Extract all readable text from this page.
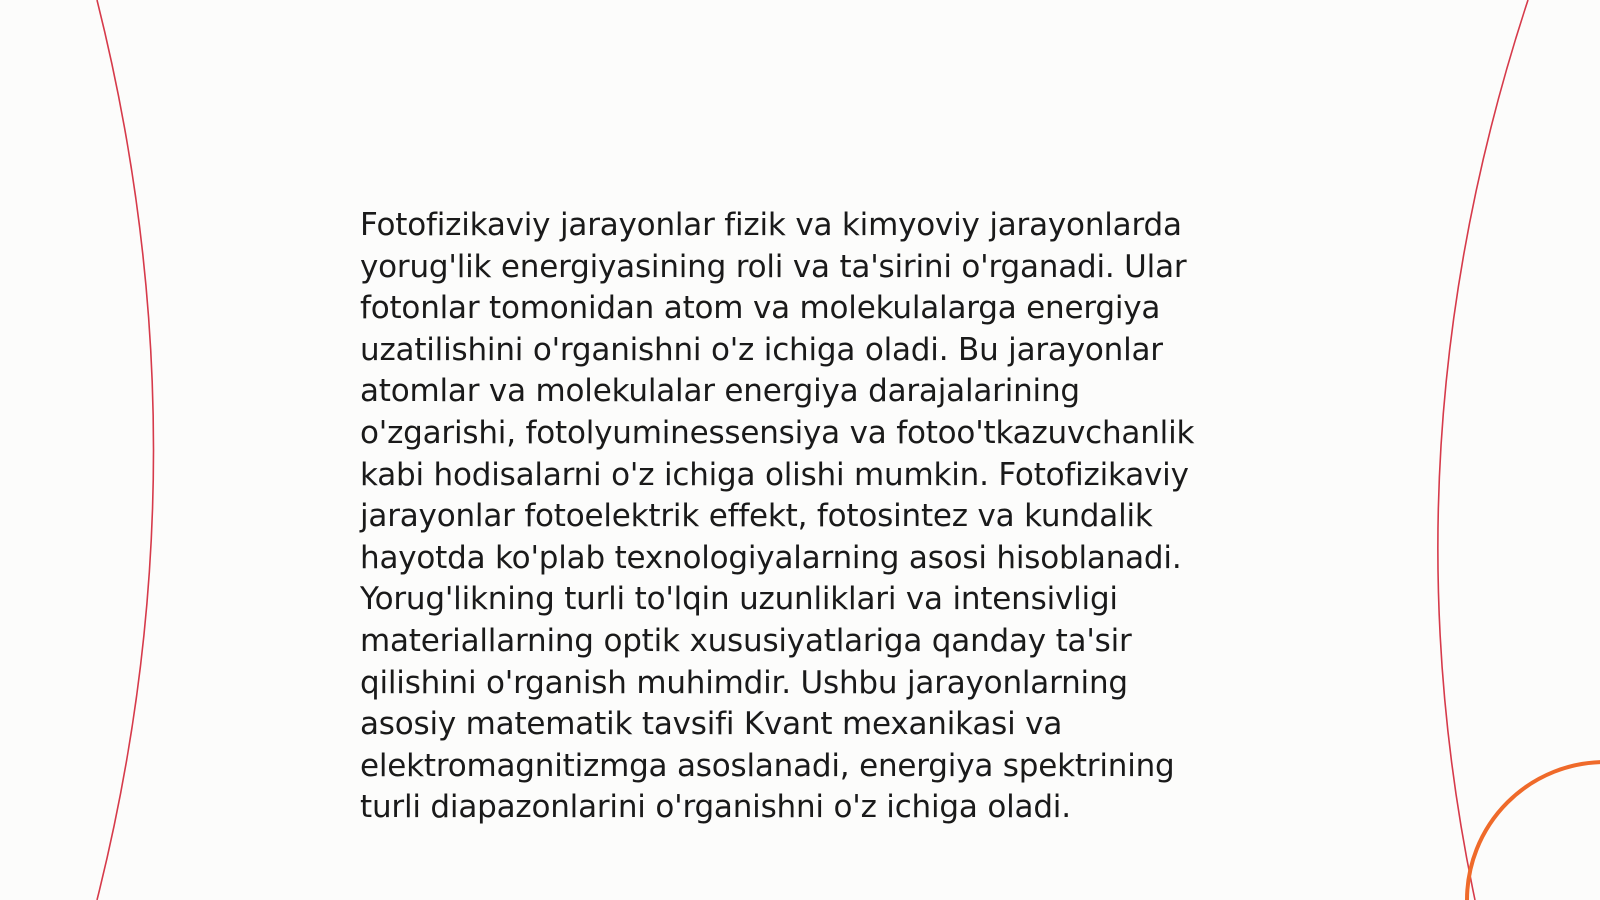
Fotofizikaviy jarayonlar fizik va kimyoviy jarayonlarda
yorug'lik energiyasining roli va ta'sirini o'rganadi. Ular
fotonlar tomonidan atom va molekulalarga energiya
uzatilishini o'rganishni o'z ichiga oladi. Bu jarayonlar
atomlar va molekulalar energiya darajalarining
o'zgarishi, fotolyuminessensiya va fotoo'tkazuvchanlik
kabi hodisalarni o'z ichiga olishi mumkin. Fotofizikaviy
jarayonlar fotoelektrik effekt, fotosintez va kundalik
hayotda ko'plab texnologiyalarning asosi hisoblanadi.
Yorug'likning turli to'lqin uzunliklari va intensivligi
materiallarning optik xususiyatlariga qanday ta'sir
qilishini o'rganish muhimdir. Ushbu jarayonlarning
asosiy matematik tavsifi Kvant mexanikasi va
elektromagnitizmga asoslanadi, energiya spektrining
turli diapazonlarini o'rganishni o'z ichiga oladi.
